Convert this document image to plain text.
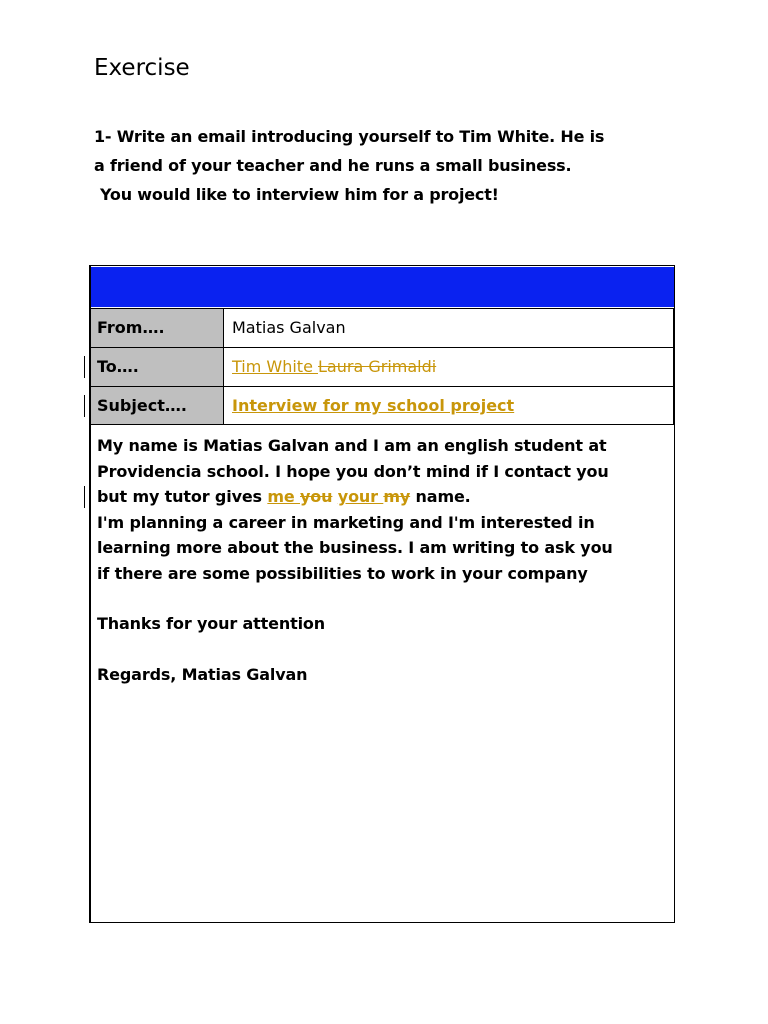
Exercise
1- Write an email introducing yourself to Tim White. He is
a friend of your teacher and he runs a small business.
You would like to interview him for a project!
From….	Matias Galvan
To….	Tim White Laura Grimaldi
Subject….	Interview for my school project

My name is Matias Galvan and I am an english student at

Providencia school. I hope you don’t mind if I contact you

but my tutor gives me you your my name.

I'm planning a career in marketing and I'm interested in

learning more about the business. I am writing to ask you

if there are some possibilities to work in your company

Thanks for your attention

Regards, Matias Galvan
